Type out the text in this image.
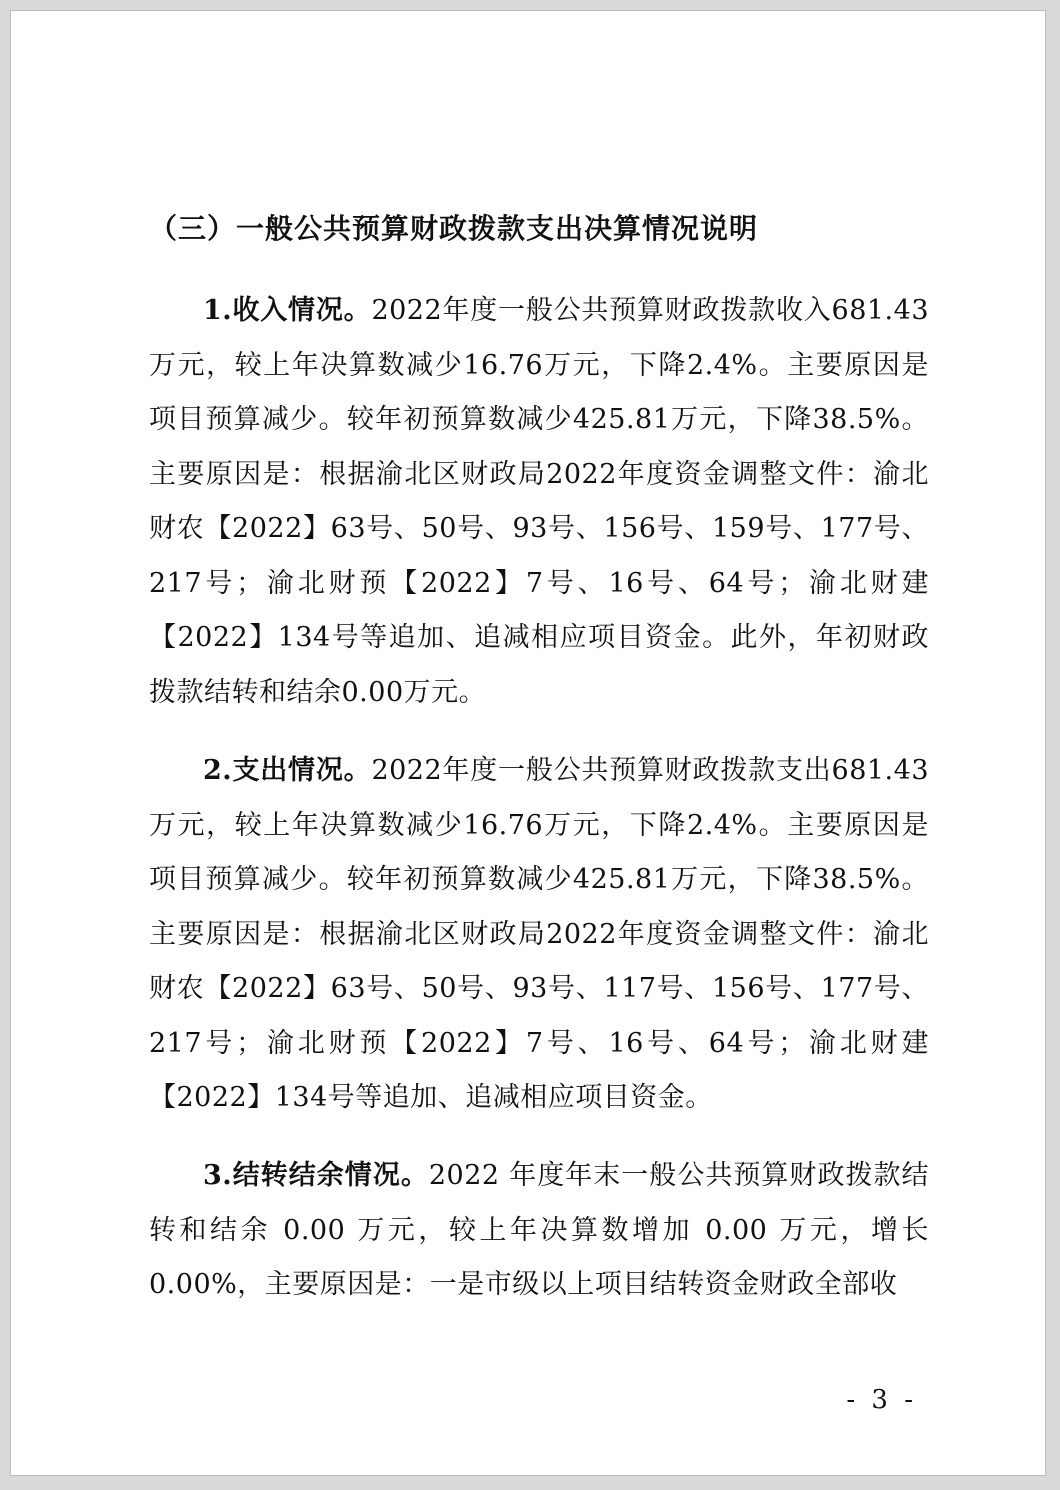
（三）一般公共预算财政拨款支出决算情况说明
1.收入情况。2022年度一般公共预算财政拨款收入681.43万元，较上年决算数减少16.76万元，下降2.4%。主要原因是项目预算减少。较年初预算数减少425.81万元，下降38.5%。主要原因是：根据渝北区财政局2022年度资金调整文件：渝北财农【2022】63号、50号、93号、156号、159号、177号、217号；渝北财预【2022】7号、16号、64号；渝北财建【2022】134号等追加、追减相应项目资金。此外，年初财政拨款结转和结余0.00万元。
2.支出情况。2022年度一般公共预算财政拨款支出681.43万元，较上年决算数减少16.76万元，下降2.4%。主要原因是项目预算减少。较年初预算数减少425.81万元，下降38.5%。主要原因是：根据渝北区财政局2022年度资金调整文件：渝北财农【2022】63号、50号、93号、117号、156号、177号、217号；渝北财预【2022】7号、16号、64号；渝北财建【2022】134号等追加、追减相应项目资金。
3.结转结余情况。2022 年度年末一般公共预算财政拨款结转和结余 0.00 万元，较上年决算数增加 0.00 万元，增长0.00%，主要原因是：一是市级以上项目结转资金财政全部收
- 3 -
